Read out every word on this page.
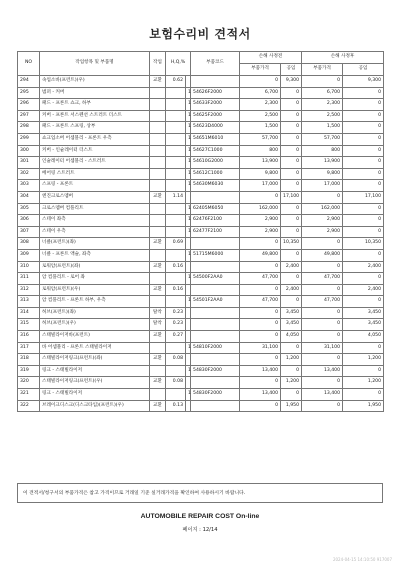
보험수리비 견적서
NO	작업항목 및 부품명	작업	H,Q,%		부품코드	손해 사정전		손해 사정후	
						부품가격	공임	부품가격	공임
294	속업소바(프런트)(우)	교환	0.62			0	9,300	0	9,300
295	범퍼 - 커버			1	54626F2000	6,700	0	6,700	0
296	패드 - 프론트 쇼크, 하부			1	54633F2000	2,300	0	2,300	0
297	커버 - 프론트 서스펜션 스트러트 더스트			1	54625F2000	2,500	0	2,500	0
298	패드 - 프론트 스프링, 상부			1	54623D4000	1,500	0	1,500	0
299	쇼크업소버 어셈블리 - 프론트 우측			1	54651M6010	57,700	0	57,700	0
300	커버 - 인슐레이터 더스트			1	54627C1000	800	0	800	0
301	인슐레이터 어셈블리 - 스트러트			1	54610G2000	13,900	0	13,900	0
302	베어링 스트러트			1	54612C1000	9,800	0	9,800	0
303	스프링 - 프론트			1	54630M6030	17,000	0	17,000	0
304	엔진크로스멤버	교환	1.14			0	17,100	0	17,100
305	크로스멤버 컴플리트			1	62405M6050	162,000	0	162,000	0
306	스테이 좌측			1	62476F2100	2,900	0	2,900	0
307	스테이 우측			1	62477F2100	2,900	0	2,900	0
308	너클(프런트)(좌)	교환	0.69			0	10,350	0	10,350
309	너클 - 프론트 액슬, 좌측			1	51715M6000	49,800	0	49,800	0
310	로워암(프런트)(좌)	교환	0.16			0	2,400	0	2,400
311	암 컴플리트 - 로어 좌			1	54500F2AA0	47,700	0	47,700	0
312	로워암(프런트)(우)	교환	0.16			0	2,400	0	2,400
313	암 컴플리트 - 프론트 하부, 우측			1	54501F2AA0	47,700	0	47,700	0
314	허브(프런트)(좌)	탈착	0.23			0	3,450	0	3,450
315	허브(프런트)(우)	탈착	0.23			0	3,450	0	3,450
316	스태빌라이저바(프런트)	교환	0.27			0	4,050	0	4,050
317	바 어셈블리 - 프론트 스태빌라이저			1	54810F2000	31,100	0	31,100	0
318	스태빌라이저링크(프런트)(좌)	교환	0.08			0	1,200	0	1,200
319	링크 - 스태빌라이저			1	54830F2000	13,400	0	13,400	0
320	스태빌라이저링크(프런트)(우)	교환	0.08			0	1,200	0	1,200
321	링크 - 스태빌라이저			1	54830F2000	13,400	0	13,400	0
322	브레이크디스크(디스크타입)(프런트)(우)	교환	0.13			0	1,950	0	1,950
이 견적서/청구서의 부품가격은 참고 가격이므로 거래일 기준 실거래가격을 확인하여 사용하시기 바랍니다.
AUTOMOBILE REPAIR COST On-line
페이지 : 12/14
2024-04-15 14:10:50 917007
